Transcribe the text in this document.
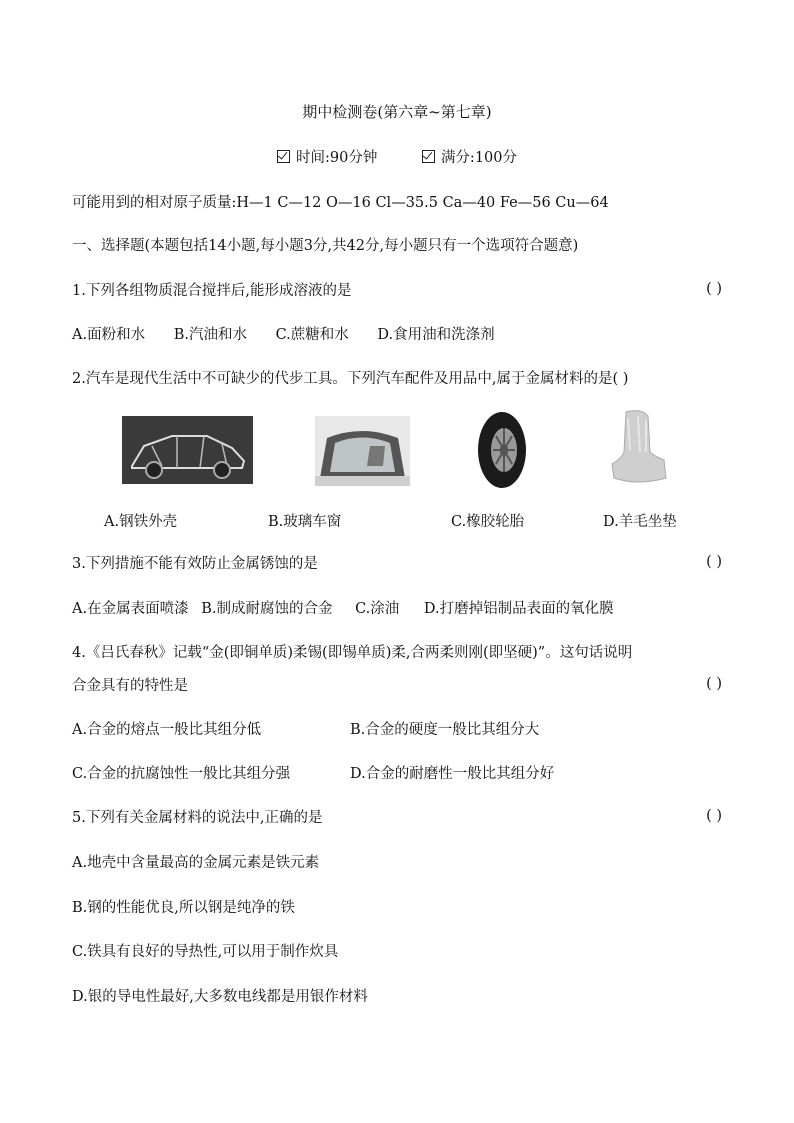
期中检测卷(第六章~第七章)
时间:90分钟	满分:100分
可能用到的相对原子质量:H—1 C—12 O—16 Cl—35.5 Ca—40 Fe—56 Cu—64
一、选择题(本题包括14小题,每小题3分,共42分,每小题只有一个选项符合题意)
1.下列各组物质混合搅拌后,能形成溶液的是	( )
A.面粉和水 B.汽油和水 C.蔗糖和水 D.食用油和洗涤剂
2.汽车是现代生活中不可缺少的代步工具。下列汽车配件及用品中,属于金属材料的是( )
A.钢铁外壳	B.玻璃车窗	C.橡胶轮胎	D.羊毛坐垫
3.下列措施不能有效防止金属锈蚀的是	( )
A.在金属表面喷漆 B.制成耐腐蚀的合金 C.涂油 D.打磨掉铝制品表面的氧化膜
4.《吕氏春秋》记载“金(即铜单质)柔锡(即锡单质)柔,合两柔则刚(即坚硬)”。这句话说明
合金具有的特性是	( )
A.合金的熔点一般比其组分低	B.合金的硬度一般比其组分大
C.合金的抗腐蚀性一般比其组分强	D.合金的耐磨性一般比其组分好
5.下列有关金属材料的说法中,正确的是	( )
A.地壳中含量最高的金属元素是铁元素
B.钢的性能优良,所以钢是纯净的铁
C.铁具有良好的导热性,可以用于制作炊具
D.银的导电性最好,大多数电线都是用银作材料
